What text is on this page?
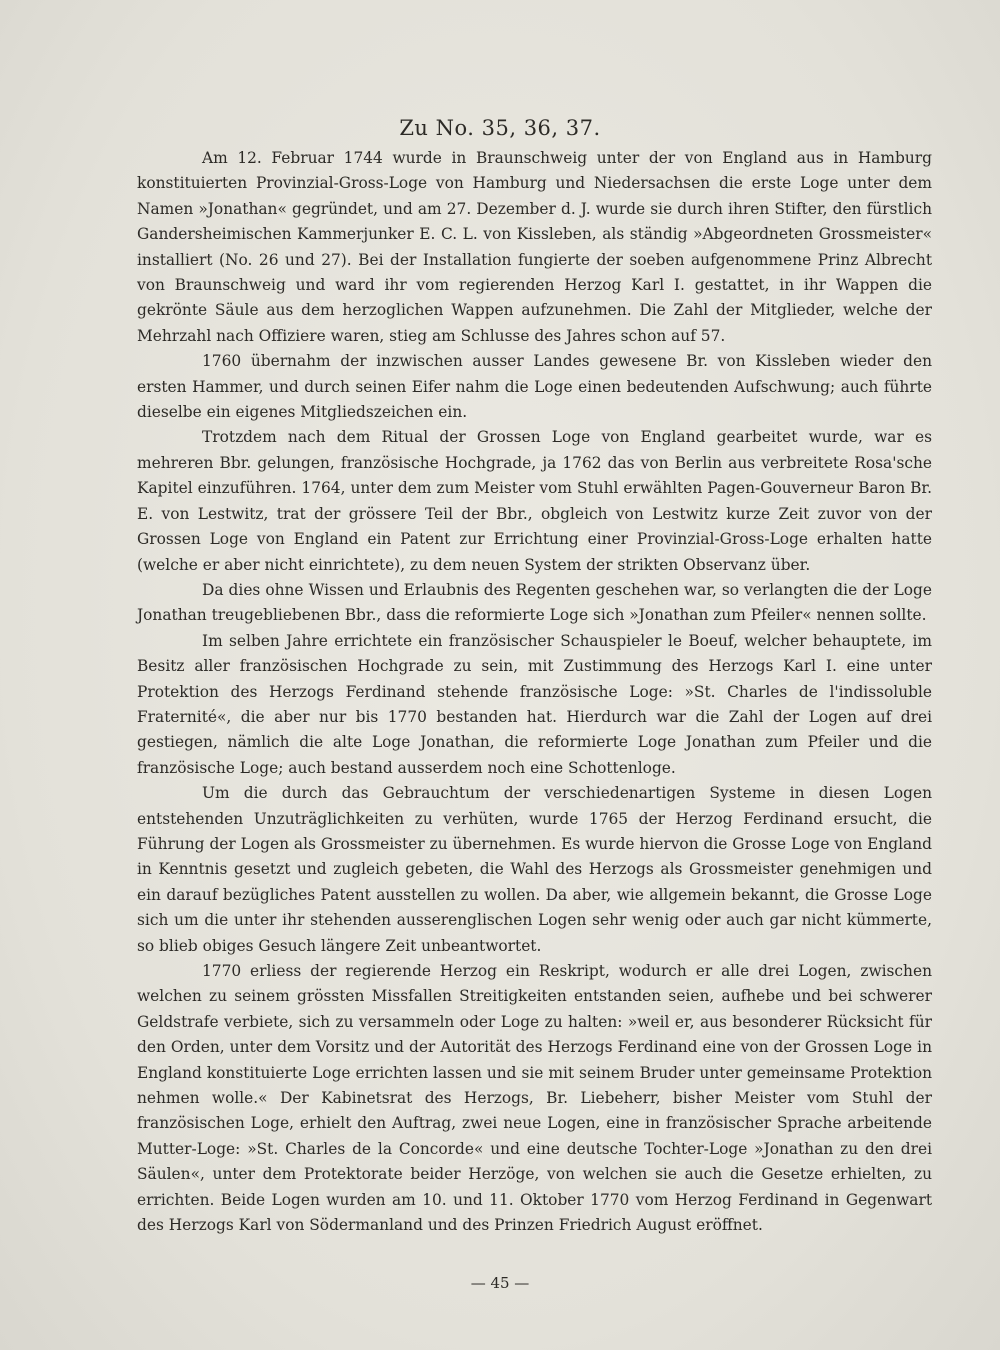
Zu No. 35, 36, 37.

Am 12. Februar 1744 wurde in Braunschweig unter der von England aus in Hamburg konstituierten Provinzial-Gross-Loge von Hamburg und Niedersachsen die erste Loge unter dem Namen »Jonathan« gegründet, und am 27. Dezember d. J. wurde sie durch ihren Stifter, den fürstlich Gandersheimischen Kammerjunker E. C. L. von Kissleben, als ständig »Abgeordneten Grossmeister« installiert (No. 26 und 27). Bei der Installation fungierte der soeben aufgenommene Prinz Albrecht von Braunschweig und ward ihr vom regierenden Herzog Karl I. gestattet, in ihr Wappen die gekrönte Säule aus dem herzoglichen Wappen aufzunehmen. Die Zahl der Mitglieder, welche der Mehrzahl nach Offiziere waren, stieg am Schlusse des Jahres schon auf 57.

1760 übernahm der inzwischen ausser Landes gewesene Br. von Kissleben wieder den ersten Hammer, und durch seinen Eifer nahm die Loge einen bedeutenden Aufschwung; auch führte dieselbe ein eigenes Mitgliedszeichen ein.

Trotzdem nach dem Ritual der Grossen Loge von England gearbeitet wurde, war es mehreren Bbr. gelungen, französische Hochgrade, ja 1762 das von Berlin aus verbreitete Rosa'sche Kapitel einzuführen. 1764, unter dem zum Meister vom Stuhl erwählten Pagen-Gouverneur Baron Br. E. von Lestwitz, trat der grössere Teil der Bbr., obgleich von Lestwitz kurze Zeit zuvor von der Grossen Loge von England ein Patent zur Errichtung einer Provinzial-Gross-Loge erhalten hatte (welche er aber nicht einrichtete), zu dem neuen System der strikten Observanz über.

Da dies ohne Wissen und Erlaubnis des Regenten geschehen war, so verlangten die der Loge Jonathan treugebliebenen Bbr., dass die reformierte Loge sich »Jonathan zum Pfeiler« nennen sollte.

Im selben Jahre errichtete ein französischer Schauspieler le Boeuf, welcher behauptete, im Besitz aller französischen Hochgrade zu sein, mit Zustimmung des Herzogs Karl I. eine unter Protektion des Herzogs Ferdinand stehende französische Loge: »St. Charles de l'indissoluble Fraternité«, die aber nur bis 1770 bestanden hat. Hierdurch war die Zahl der Logen auf drei gestiegen, nämlich die alte Loge Jonathan, die reformierte Loge Jonathan zum Pfeiler und die französische Loge; auch bestand ausserdem noch eine Schottenloge.

Um die durch das Gebrauchtum der verschiedenartigen Systeme in diesen Logen entstehenden Unzuträglichkeiten zu verhüten, wurde 1765 der Herzog Ferdinand ersucht, die Führung der Logen als Grossmeister zu übernehmen. Es wurde hiervon die Grosse Loge von England in Kenntnis gesetzt und zugleich gebeten, die Wahl des Herzogs als Grossmeister genehmigen und ein darauf bezügliches Patent ausstellen zu wollen. Da aber, wie allgemein bekannt, die Grosse Loge sich um die unter ihr stehenden ausserenglischen Logen sehr wenig oder auch gar nicht kümmerte, so blieb obiges Gesuch längere Zeit unbeantwortet.

1770 erliess der regierende Herzog ein Reskript, wodurch er alle drei Logen, zwischen welchen zu seinem grössten Missfallen Streitigkeiten entstanden seien, aufhebe und bei schwerer Geldstrafe verbiete, sich zu versammeln oder Loge zu halten: »weil er, aus besonderer Rücksicht für den Orden, unter dem Vorsitz und der Autorität des Herzogs Ferdinand eine von der Grossen Loge in England konstituierte Loge errichten lassen und sie mit seinem Bruder unter gemeinsame Protektion nehmen wolle.« Der Kabinetsrat des Herzogs, Br. Liebeherr, bisher Meister vom Stuhl der französischen Loge, erhielt den Auftrag, zwei neue Logen, eine in französischer Sprache arbeitende Mutter-Loge: »St. Charles de la Concorde« und eine deutsche Tochter-Loge »Jonathan zu den drei Säulen«, unter dem Protektorate beider Herzöge, von welchen sie auch die Gesetze erhielten, zu errichten. Beide Logen wurden am 10. und 11. Oktober 1770 vom Herzog Ferdinand in Gegenwart des Herzogs Karl von Södermanland und des Prinzen Friedrich August eröffnet.

— 45 —
